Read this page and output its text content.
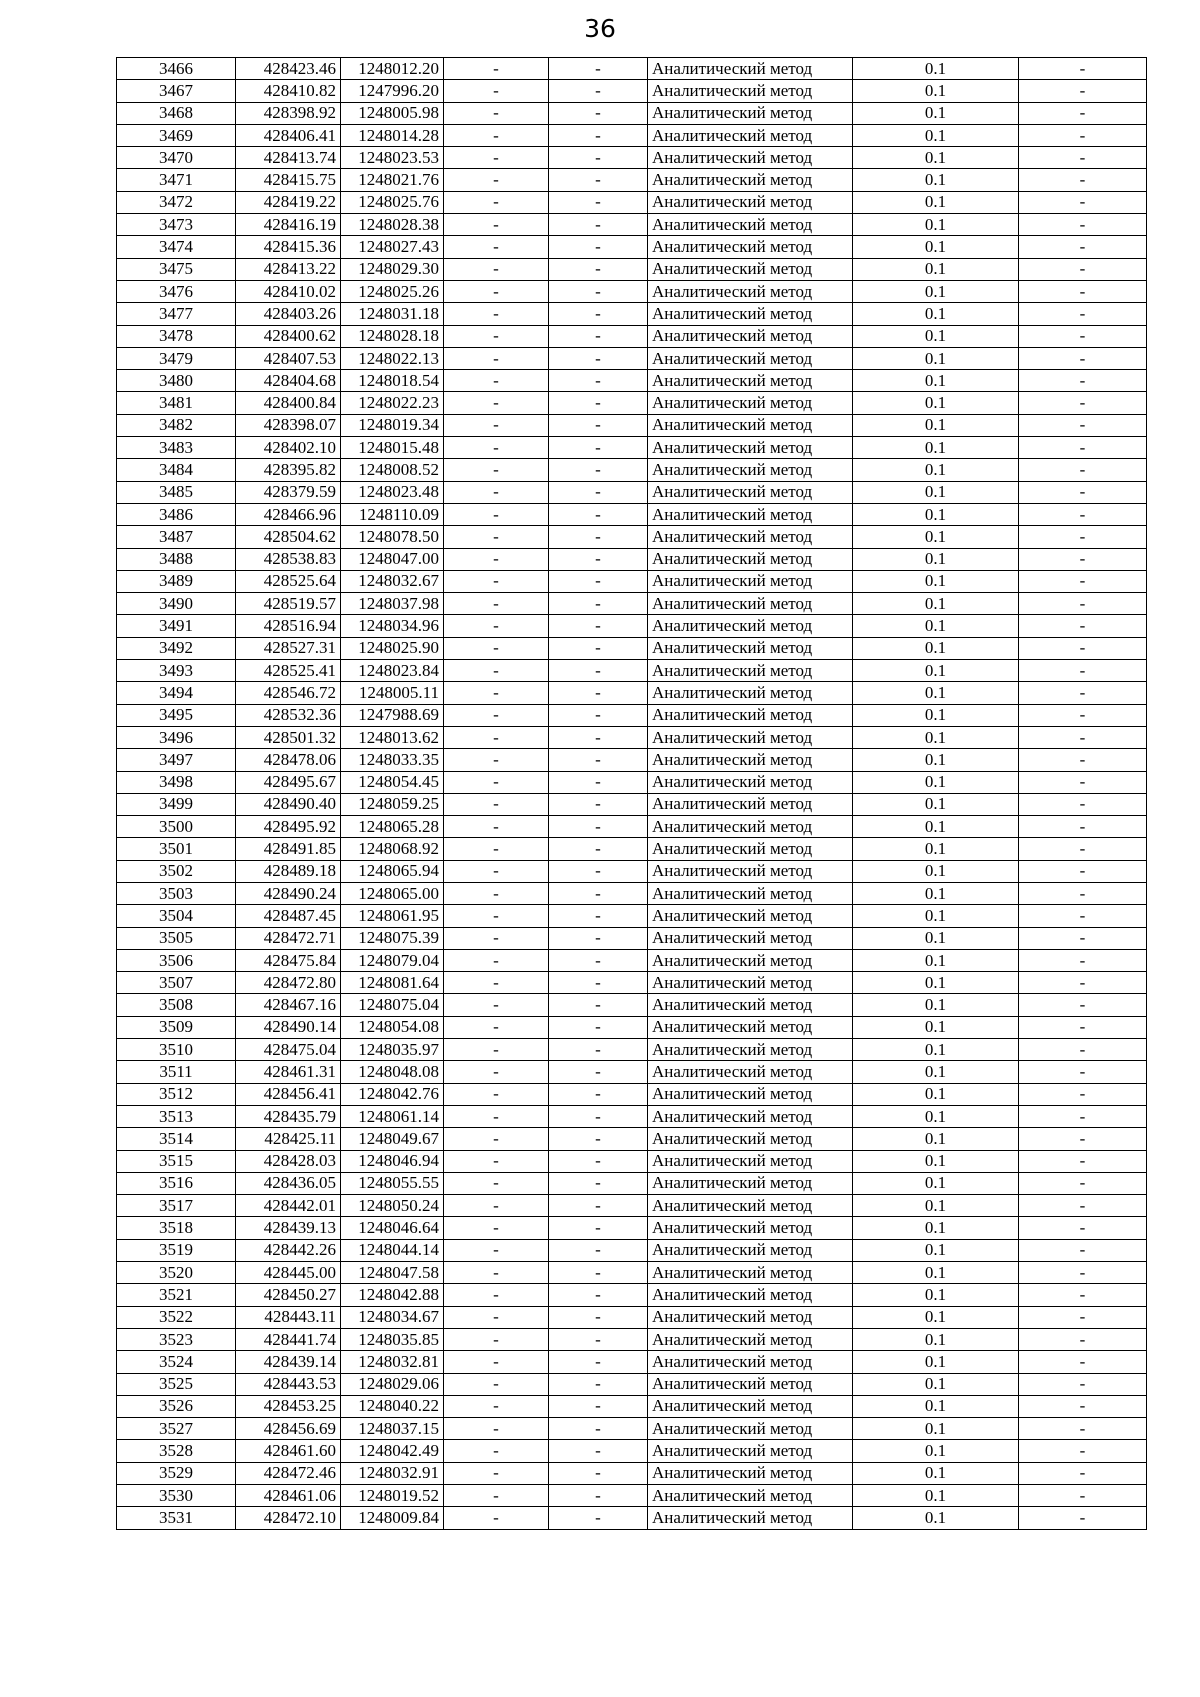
36
3466	428423.46	1248012.20	-	-	Аналитический метод	0.1	-
3467	428410.82	1247996.20	-	-	Аналитический метод	0.1	-
3468	428398.92	1248005.98	-	-	Аналитический метод	0.1	-
3469	428406.41	1248014.28	-	-	Аналитический метод	0.1	-
3470	428413.74	1248023.53	-	-	Аналитический метод	0.1	-
3471	428415.75	1248021.76	-	-	Аналитический метод	0.1	-
3472	428419.22	1248025.76	-	-	Аналитический метод	0.1	-
3473	428416.19	1248028.38	-	-	Аналитический метод	0.1	-
3474	428415.36	1248027.43	-	-	Аналитический метод	0.1	-
3475	428413.22	1248029.30	-	-	Аналитический метод	0.1	-
3476	428410.02	1248025.26	-	-	Аналитический метод	0.1	-
3477	428403.26	1248031.18	-	-	Аналитический метод	0.1	-
3478	428400.62	1248028.18	-	-	Аналитический метод	0.1	-
3479	428407.53	1248022.13	-	-	Аналитический метод	0.1	-
3480	428404.68	1248018.54	-	-	Аналитический метод	0.1	-
3481	428400.84	1248022.23	-	-	Аналитический метод	0.1	-
3482	428398.07	1248019.34	-	-	Аналитический метод	0.1	-
3483	428402.10	1248015.48	-	-	Аналитический метод	0.1	-
3484	428395.82	1248008.52	-	-	Аналитический метод	0.1	-
3485	428379.59	1248023.48	-	-	Аналитический метод	0.1	-
3486	428466.96	1248110.09	-	-	Аналитический метод	0.1	-
3487	428504.62	1248078.50	-	-	Аналитический метод	0.1	-
3488	428538.83	1248047.00	-	-	Аналитический метод	0.1	-
3489	428525.64	1248032.67	-	-	Аналитический метод	0.1	-
3490	428519.57	1248037.98	-	-	Аналитический метод	0.1	-
3491	428516.94	1248034.96	-	-	Аналитический метод	0.1	-
3492	428527.31	1248025.90	-	-	Аналитический метод	0.1	-
3493	428525.41	1248023.84	-	-	Аналитический метод	0.1	-
3494	428546.72	1248005.11	-	-	Аналитический метод	0.1	-
3495	428532.36	1247988.69	-	-	Аналитический метод	0.1	-
3496	428501.32	1248013.62	-	-	Аналитический метод	0.1	-
3497	428478.06	1248033.35	-	-	Аналитический метод	0.1	-
3498	428495.67	1248054.45	-	-	Аналитический метод	0.1	-
3499	428490.40	1248059.25	-	-	Аналитический метод	0.1	-
3500	428495.92	1248065.28	-	-	Аналитический метод	0.1	-
3501	428491.85	1248068.92	-	-	Аналитический метод	0.1	-
3502	428489.18	1248065.94	-	-	Аналитический метод	0.1	-
3503	428490.24	1248065.00	-	-	Аналитический метод	0.1	-
3504	428487.45	1248061.95	-	-	Аналитический метод	0.1	-
3505	428472.71	1248075.39	-	-	Аналитический метод	0.1	-
3506	428475.84	1248079.04	-	-	Аналитический метод	0.1	-
3507	428472.80	1248081.64	-	-	Аналитический метод	0.1	-
3508	428467.16	1248075.04	-	-	Аналитический метод	0.1	-
3509	428490.14	1248054.08	-	-	Аналитический метод	0.1	-
3510	428475.04	1248035.97	-	-	Аналитический метод	0.1	-
3511	428461.31	1248048.08	-	-	Аналитический метод	0.1	-
3512	428456.41	1248042.76	-	-	Аналитический метод	0.1	-
3513	428435.79	1248061.14	-	-	Аналитический метод	0.1	-
3514	428425.11	1248049.67	-	-	Аналитический метод	0.1	-
3515	428428.03	1248046.94	-	-	Аналитический метод	0.1	-
3516	428436.05	1248055.55	-	-	Аналитический метод	0.1	-
3517	428442.01	1248050.24	-	-	Аналитический метод	0.1	-
3518	428439.13	1248046.64	-	-	Аналитический метод	0.1	-
3519	428442.26	1248044.14	-	-	Аналитический метод	0.1	-
3520	428445.00	1248047.58	-	-	Аналитический метод	0.1	-
3521	428450.27	1248042.88	-	-	Аналитический метод	0.1	-
3522	428443.11	1248034.67	-	-	Аналитический метод	0.1	-
3523	428441.74	1248035.85	-	-	Аналитический метод	0.1	-
3524	428439.14	1248032.81	-	-	Аналитический метод	0.1	-
3525	428443.53	1248029.06	-	-	Аналитический метод	0.1	-
3526	428453.25	1248040.22	-	-	Аналитический метод	0.1	-
3527	428456.69	1248037.15	-	-	Аналитический метод	0.1	-
3528	428461.60	1248042.49	-	-	Аналитический метод	0.1	-
3529	428472.46	1248032.91	-	-	Аналитический метод	0.1	-
3530	428461.06	1248019.52	-	-	Аналитический метод	0.1	-
3531	428472.10	1248009.84	-	-	Аналитический метод	0.1	-
